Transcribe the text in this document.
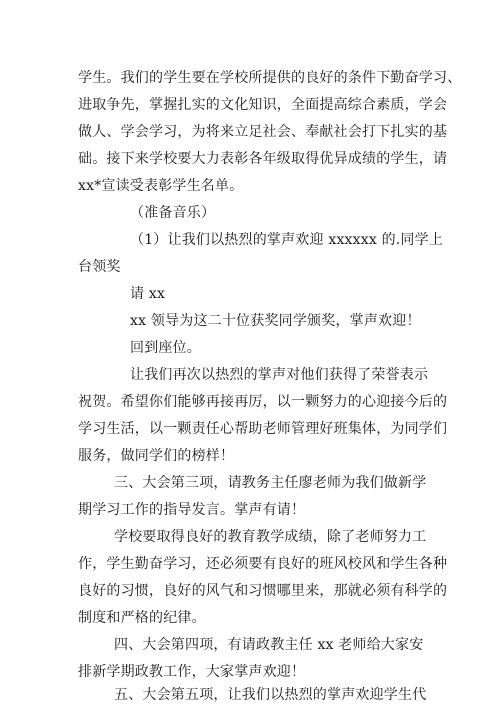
学生。我们的学生要在学校所提供的良好的条件下勤奋学习、
进取争先，掌握扎实的文化知识，全面提高综合素质，学会
做人、学会学习，为将来立足社会、奉献社会打下扎实的基
础。接下来学校要大力表彰各年级取得优异成绩的学生，请
xx*宣读受表彰学生名单。
（准备音乐）
（1）让我们以热烈的掌声欢迎 xxxxxx 的.同学上
台领奖
请 xx
xx 领导为这二十位获奖同学颁奖，掌声欢迎！
回到座位。
让我们再次以热烈的掌声对他们获得了荣誉表示
祝贺。希望你们能够再接再厉，以一颗努力的心迎接今后的
学习生活，以一颗责任心帮助老师管理好班集体，为同学们
服务，做同学们的榜样！
三、大会第三项，请教务主任廖老师为我们做新学
期学习工作的指导发言。掌声有请！
学校要取得良好的教育教学成绩，除了老师努力工
作，学生勤奋学习，还必须要有良好的班风校风和学生各种
良好的习惯，良好的风气和习惯哪里来，那就必须有科学的
制度和严格的纪律。
四、大会第四项，有请政教主任 xx 老师给大家安
排新学期政教工作，大家掌声欢迎！
五、大会第五项，让我们以热烈的掌声欢迎学生代
